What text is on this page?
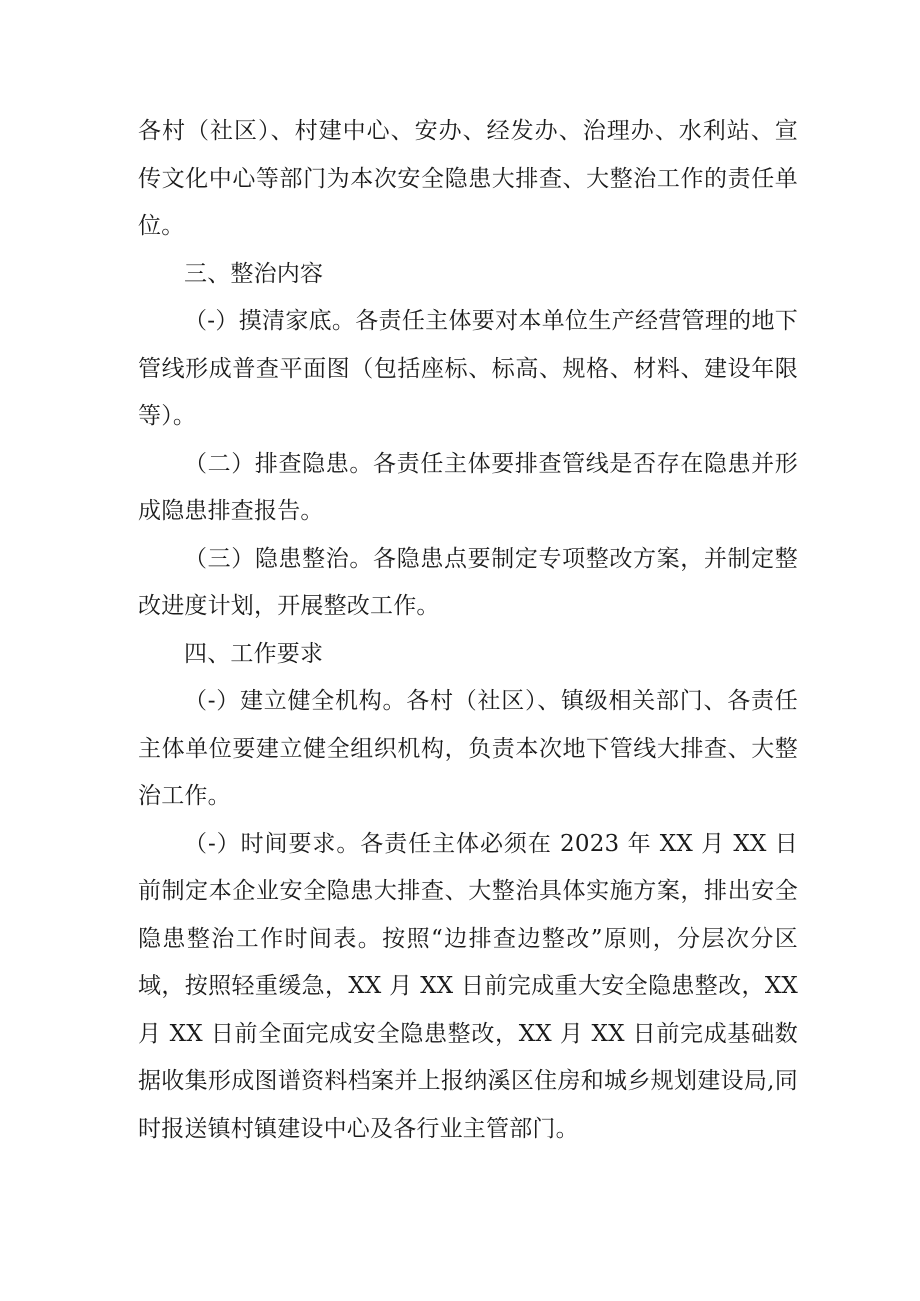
各村（社区）、村建中心、安办、经发办、治理办、水利站、宣传文化中心等部门为本次安全隐患大排查、大整治工作的责任单位。

三、整治内容

（-）摸清家底。各责任主体要对本单位生产经营管理的地下管线形成普查平面图（包括座标、标高、规格、材料、建设年限等）。

（二）排查隐患。各责任主体要排查管线是否存在隐患并形成隐患排查报告。

（三）隐患整治。各隐患点要制定专项整改方案，并制定整改进度计划，开展整改工作。

四、工作要求

（-）建立健全机构。各村（社区）、镇级相关部门、各责任主体单位要建立健全组织机构，负责本次地下管线大排查、大整治工作。

（-）时间要求。各责任主体必须在 2023 年 XX 月 XX 日前制定本企业安全隐患大排查、大整治具体实施方案，排出安全隐患整治工作时间表。按照“边排查边整改”原则，分层次分区域，按照轻重缓急，XX 月 XX 日前完成重大安全隐患整改，XX 月 XX 日前全面完成安全隐患整改，XX 月 XX 日前完成基础数据收集形成图谱资料档案并上报纳溪区住房和城乡规划建设局,同时报送镇村镇建设中心及各行业主管部门。
